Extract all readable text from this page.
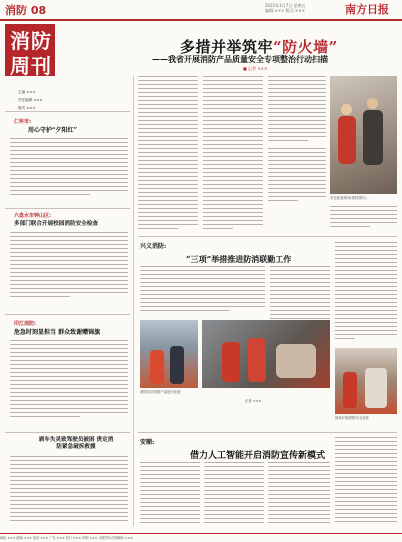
消防 08	2022年1月7日 星期五
编辑:××× 版式:×××	南方日报
消 防
周 刊
主编 ×××
责任编辑 ×××
版式 ×××
多措并举筑牢“防火墙”
——我省开展消防产品质量安全专项整治行动扫描
■ 记者 ×××
仁怀市:
用心守护“夕阳红”
六盘水市钟山区:
多部门联合开展校园消防安全检查
印江消防:
危急时刻显担当 群众致谢赠锦旗
剥车失灵致驾驶员被困 贵定消防紧急破拆救援
安全检查现场(资料图片)
兴义消防:
“三项”举措推进防消联勤工作
消防员对消防产品进行检查
记者 ×××
现场开展消防安全宣传
安顺:
借力人工智能开启消防宣传新模式
地址 ××× 邮编 ××× 电话 ××× 广告 ××× 发行 ××× 印刷 ××× 本报常年法律顾问 ×××
